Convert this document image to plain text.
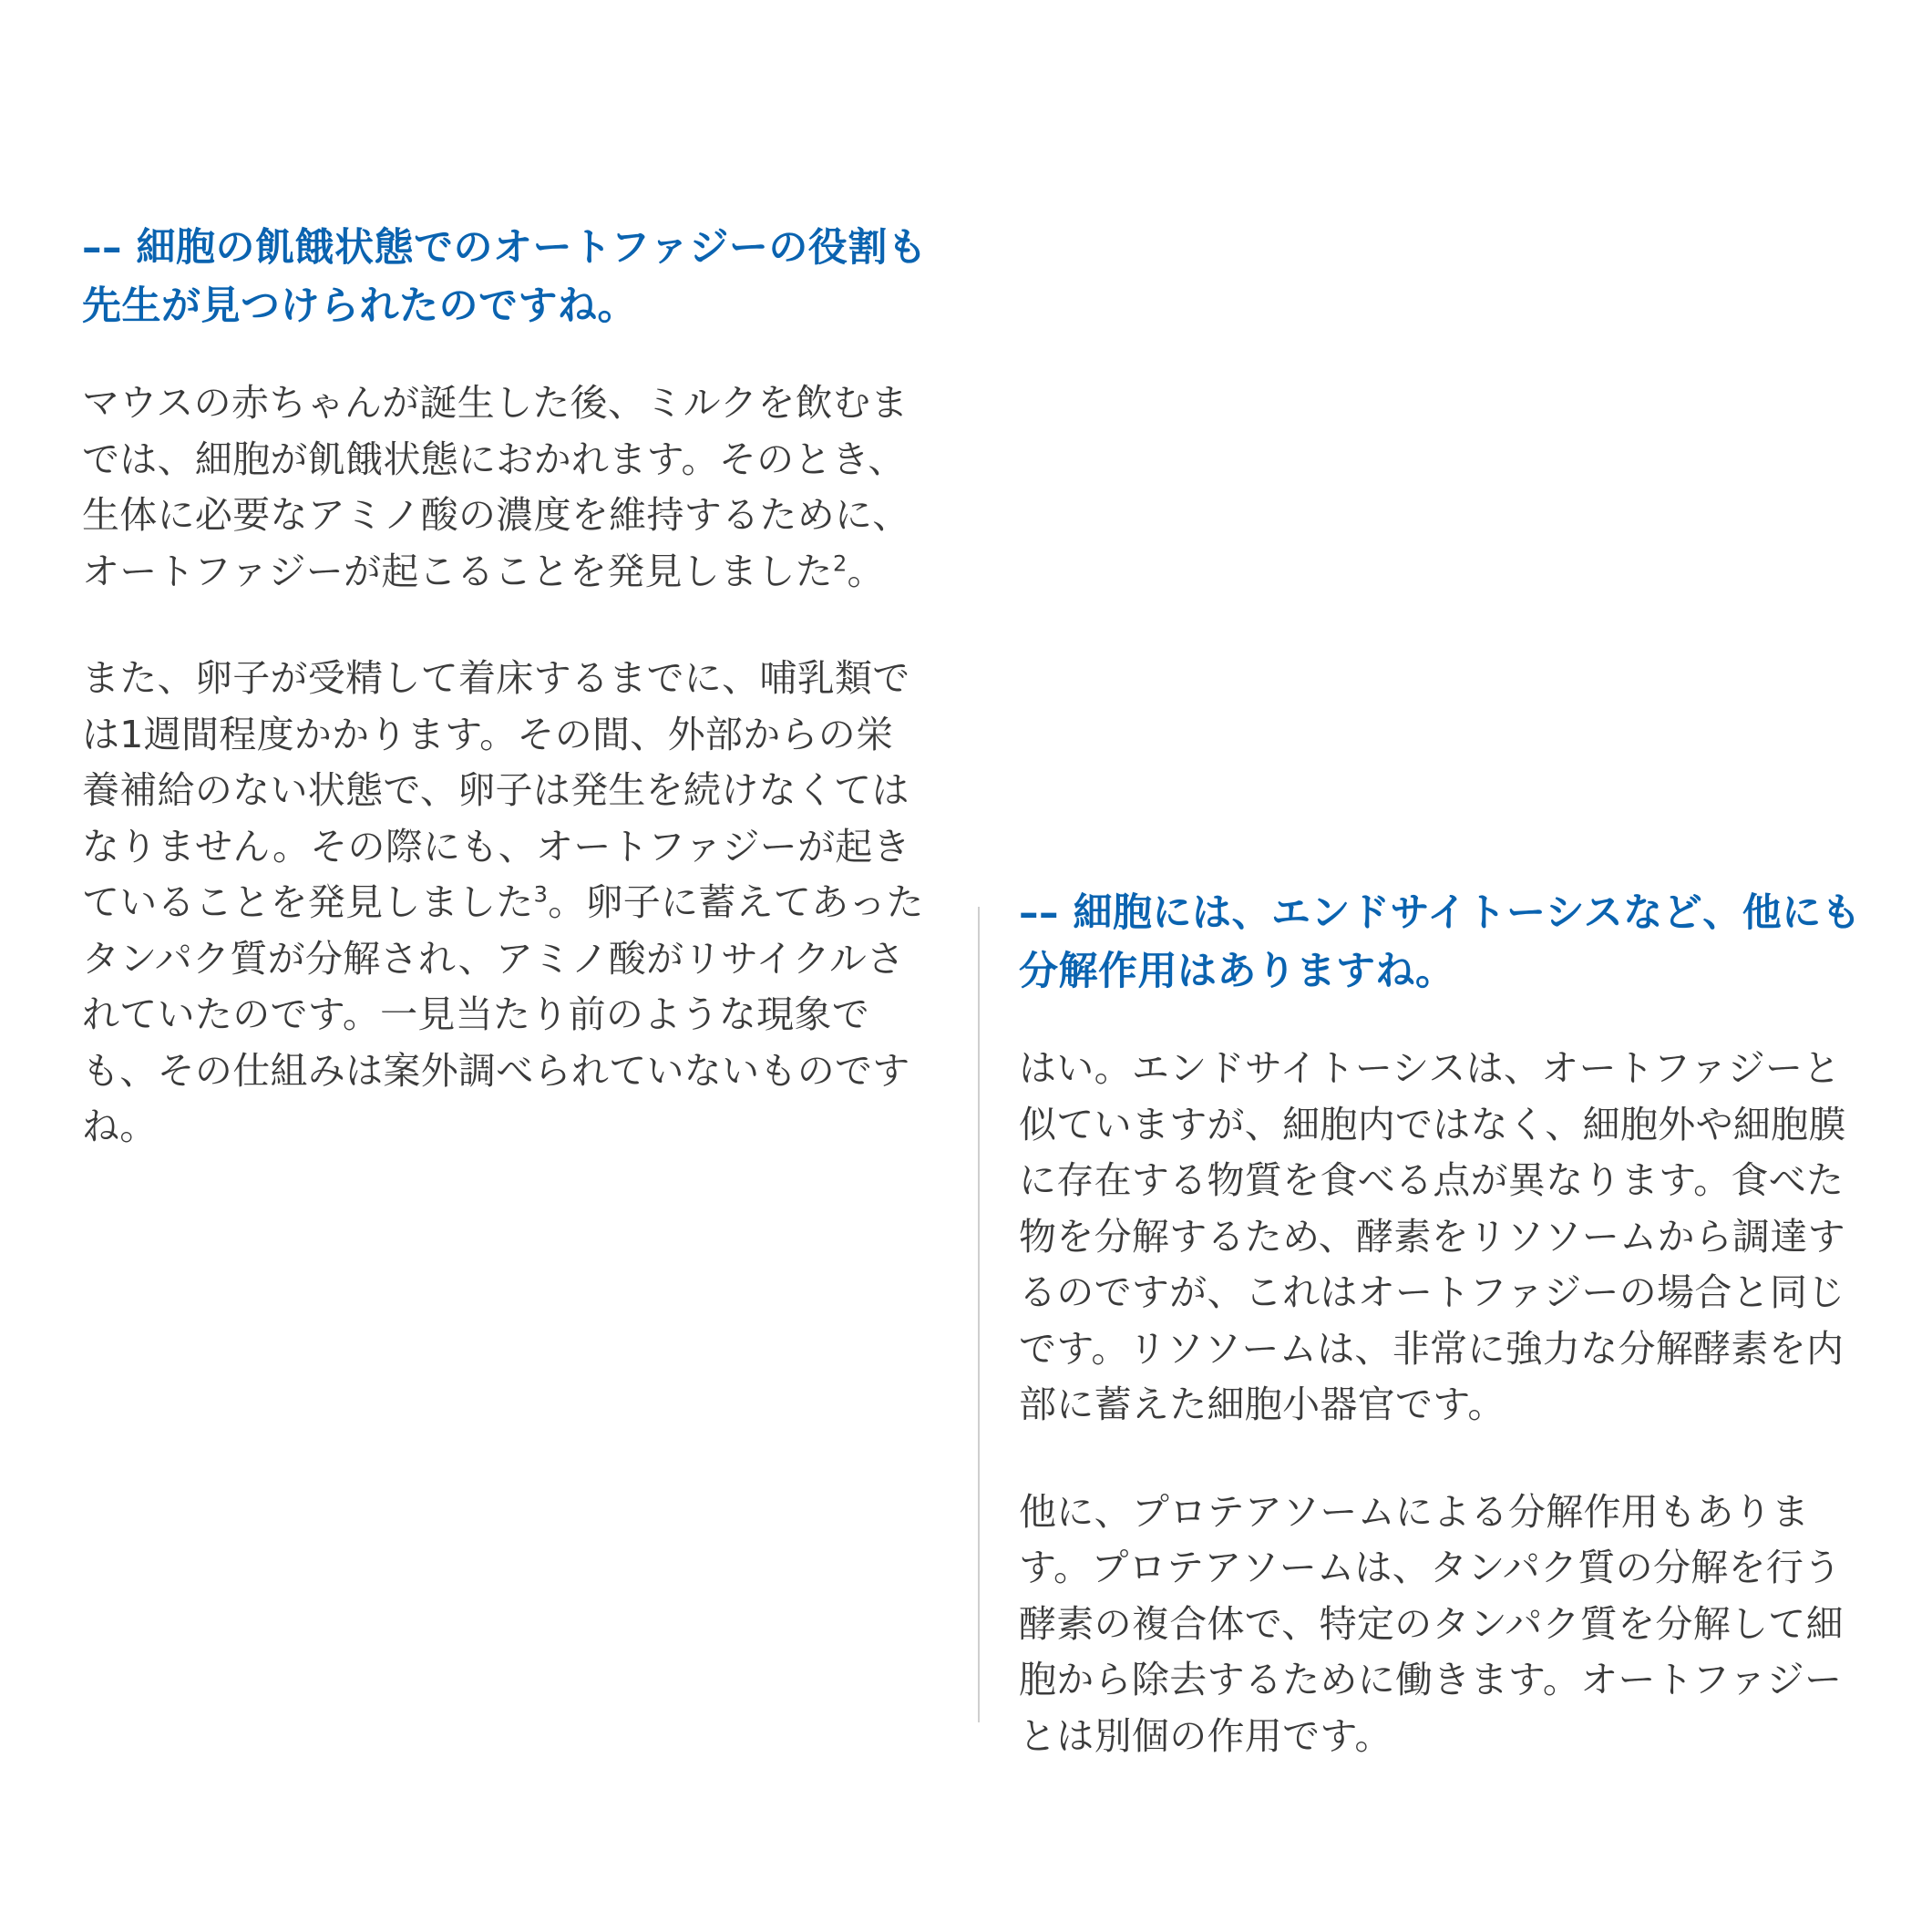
–– 細胞の飢餓状態でのオートファジーの役割も先生が見つけられたのですね。

マウスの赤ちゃんが誕生した後、ミルクを飲むまでは、細胞が飢餓状態におかれます。そのとき、生体に必要なアミノ酸の濃度を維持するために、オートファジーが起こることを発見しました$^2$。

また、卵子が受精して着床するまでに、哺乳類では1週間程度かかります。その間、外部からの栄養補給のない状態で、卵子は発生を続けなくてはなりません。その際にも、オートファジーが起きていることを発見しました$^3$。卵子に蓄えてあったタンパク質が分解され、アミノ酸がリサイクルされていたのです。一見当たり前のような現象でも、その仕組みは案外調べられていないものですね。

–– 細胞には、エンドサイトーシスなど、他にも分解作用はありますね。

はい。エンドサイトーシスは、オートファジーと似ていますが、細胞内ではなく、細胞外や細胞膜に存在する物質を食べる点が異なります。食べた物を分解するため、酵素をリソソームから調達するのですが、これはオートファジーの場合と同じです。リソソームは、非常に強力な分解酵素を内部に蓄えた細胞小器官です。

他に、プロテアソームによる分解作用もあります。プロテアソームは、タンパク質の分解を行う酵素の複合体で、特定のタンパク質を分解して細胞から除去するために働きます。オートファジーとは別個の作用です。
